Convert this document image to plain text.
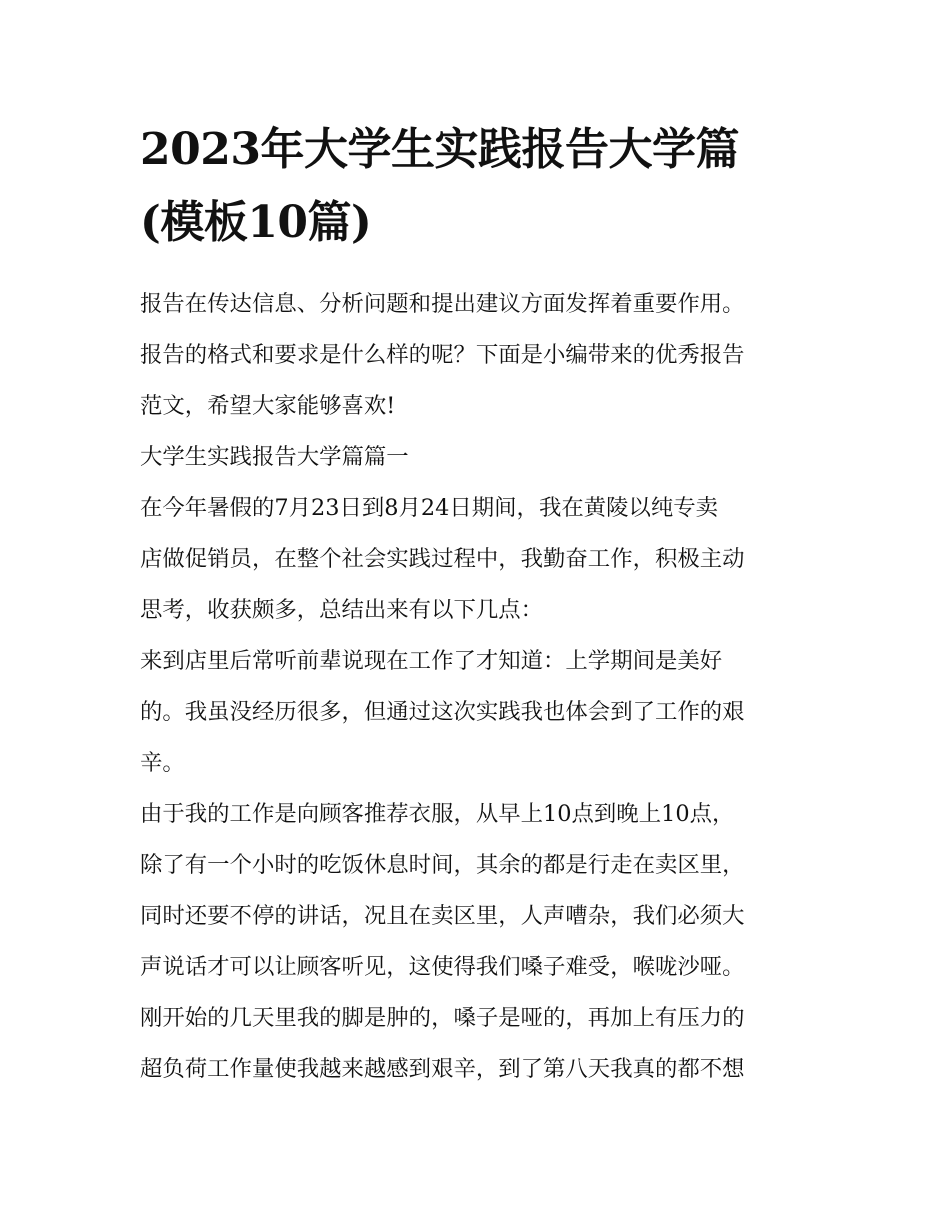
2023年大学生实践报告大学篇
(模板10篇)

报告在传达信息、分析问题和提出建议方面发挥着重要作用。
报告的格式和要求是什么样的呢？下面是小编带来的优秀报告
范文，希望大家能够喜欢!

大学生实践报告大学篇篇一

在今年暑假的7月23日到8月24日期间，我在黄陵以纯专卖
店做促销员，在整个社会实践过程中，我勤奋工作，积极主动
思考，收获颇多，总结出来有以下几点：

来到店里后常听前辈说现在工作了才知道：上学期间是美好
的。我虽没经历很多，但通过这次实践我也体会到了工作的艰
辛。

由于我的工作是向顾客推荐衣服，从早上10点到晚上10点，
除了有一个小时的吃饭休息时间，其余的都是行走在卖区里，
同时还要不停的讲话，况且在卖区里，人声嘈杂，我们必须大
声说话才可以让顾客听见，这使得我们嗓子难受，喉咙沙哑。
刚开始的几天里我的脚是肿的，嗓子是哑的，再加上有压力的
超负荷工作量使我越来越感到艰辛，到了第八天我真的都不想
